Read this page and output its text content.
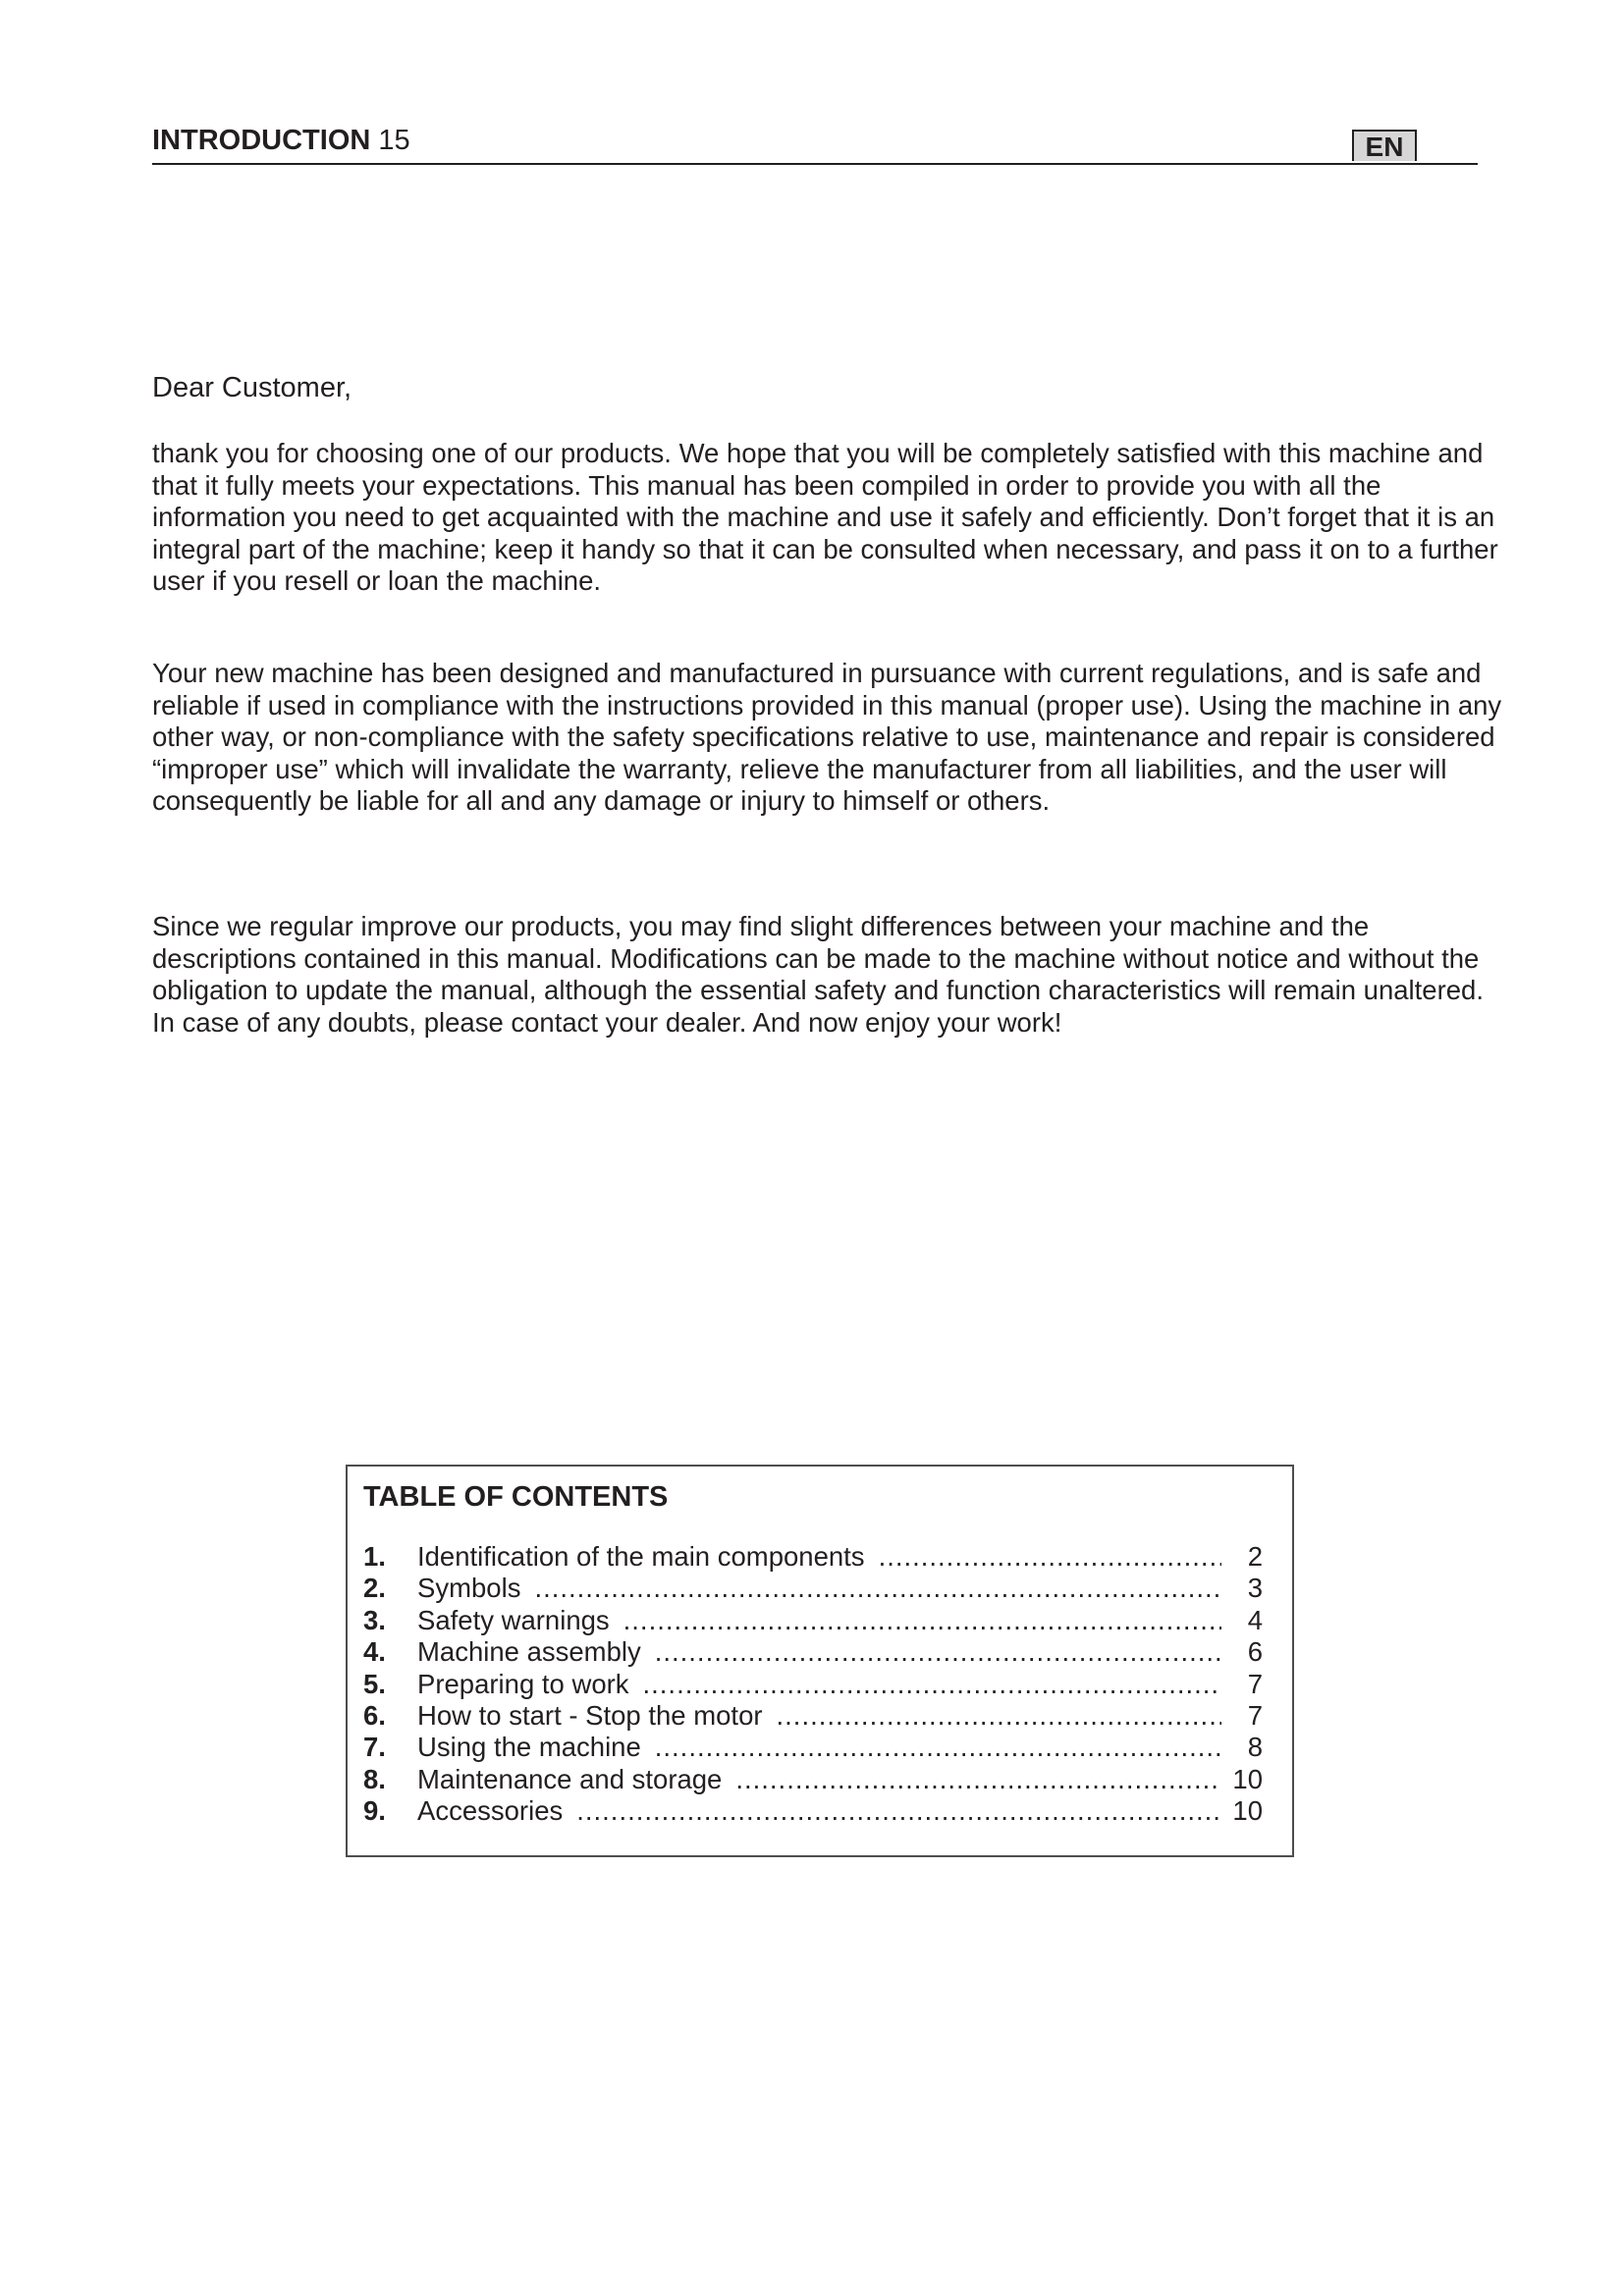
INTRODUCTION 15	EN

Dear Customer,

thank you for choosing one of our products. We hope that you will be completely satisfied with this machine and that it fully meets your expectations. This manual has been compiled in order to provide you with all the information you need to get acquainted with the machine and use it safely and efficiently. Don’t forget that it is an integral part of the machine; keep it handy so that it can be consulted when necessary, and pass it on to a further user if you resell or loan the machine.

Your new machine has been designed and manufactured in pursuance with current regulations, and is safe and reliable if used in compliance with the instructions provided in this manual (proper use). Using the machine in any other way, or non-compliance with the safety specifications relative to use, maintenance and repair is considered “improper use” which will invalidate the warranty, relieve the manufacturer from all liabilities, and the user will consequently be liable for all and any damage or injury to himself or others.

Since we regular improve our products, you may find slight differences between your machine and the descriptions contained in this manual. Modifications can be made to the machine without notice and without the obligation to update the manual, although the essential safety and function characteristics will remain unaltered. In case of any doubts, please contact your dealer. And now enjoy your work!

TABLE OF CONTENTS

1.	Identification of the main components .....	2
2.	Symbols .....	3
3.	Safety warnings .....	4
4.	Machine assembly .....	6
5.	Preparing to work .....	7
6.	How to start - Stop the motor .....	7
7.	Using the machine .....	8
8.	Maintenance and storage .....	10
9.	Accessories .....	10
